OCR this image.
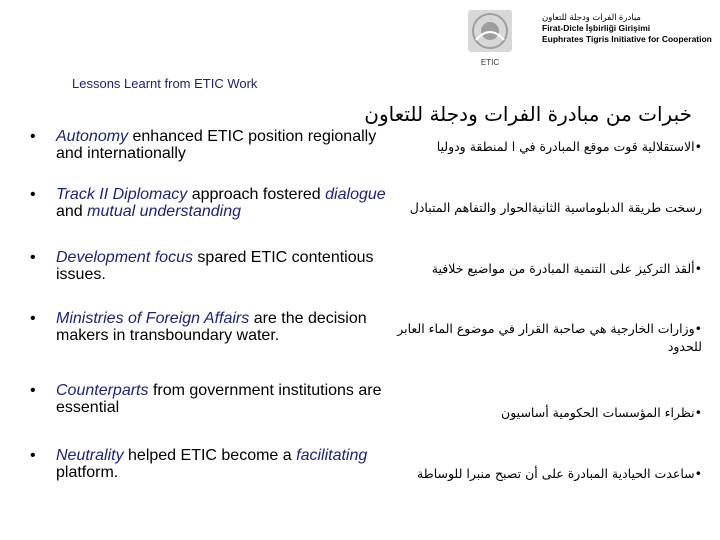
ETIC
مبادرة الفرات ودجلة للتعاون
Firat-Dicle İşbirliği Girişimi
Euphrates Tigris Initiative for Cooperation
Lessons Learnt from ETIC Work
خبرات من مبادرة الفرات ودجلة للتعاون
• Autonomy enhanced ETIC position regionally and internationally
• Track II Diplomacy approach fostered dialogue and mutual understanding
• Development focus spared ETIC contentious issues.
• Ministries of Foreign Affairs are the decision makers in transboundary water.
• Counterparts from government institutions are essential
• Neutrality helped ETIC become a facilitating platform.
•الاستقلالية قوت موقع المبادرة في ا لمنطقة ودوليا
رسخت طريقة الدبلوماسية الثانيةالحوار والتفاهم المتبادل
•ألقذ التركيز على التنمية المبادرة من مواضيع خلافية
•وزارات الخارجية هي صاحبة القرار في موضوع الماء العابر للحدود
•نظراء المؤسسات الحكومية أساسيون
•ساعدت الحيادية المبادرة على أن تصبح منبرا للوساطة
